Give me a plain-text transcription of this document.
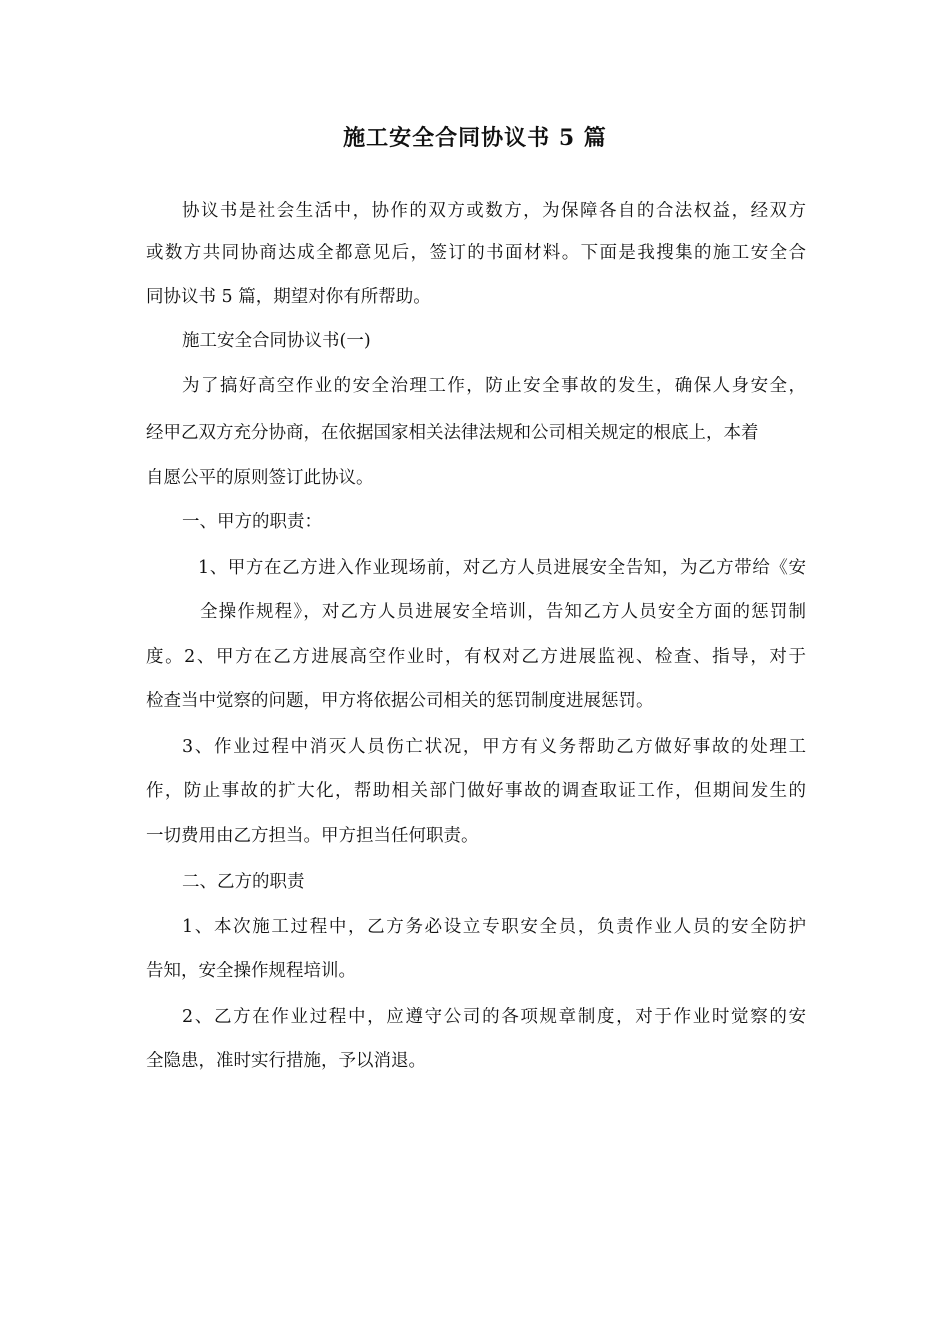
施工安全合同协议书 5 篇
协议书是社会生活中，协作的双方或数方，为保障各自的合法权益，经双方
或数方共同协商达成全都意见后，签订的书面材料。下面是我搜集的施工安全合
同协议书 5 篇，期望对你有所帮助。
施工安全合同协议书(一)
为了搞好高空作业的安全治理工作，防止安全事故的发生，确保人身安全，
经甲乙双方充分协商，在依据国家相关法律法规和公司相关规定的根底上，本着
自愿公平的原则签订此协议。
一、甲方的职责：
1、甲方在乙方进入作业现场前，对乙方人员进展安全告知，为乙方带给《安
全操作规程》，对乙方人员进展安全培训，告知乙方人员安全方面的惩罚制
度。2、甲方在乙方进展高空作业时，有权对乙方进展监视、检查、指导，对于
检查当中觉察的问题，甲方将依据公司相关的惩罚制度进展惩罚。
3、作业过程中消灭人员伤亡状况，甲方有义务帮助乙方做好事故的处理工
作，防止事故的扩大化，帮助相关部门做好事故的调查取证工作，但期间发生的
一切费用由乙方担当。甲方担当任何职责。
二、乙方的职责
1、本次施工过程中，乙方务必设立专职安全员，负责作业人员的安全防护
告知，安全操作规程培训。
2、乙方在作业过程中，应遵守公司的各项规章制度，对于作业时觉察的安
全隐患，准时实行措施，予以消退。
